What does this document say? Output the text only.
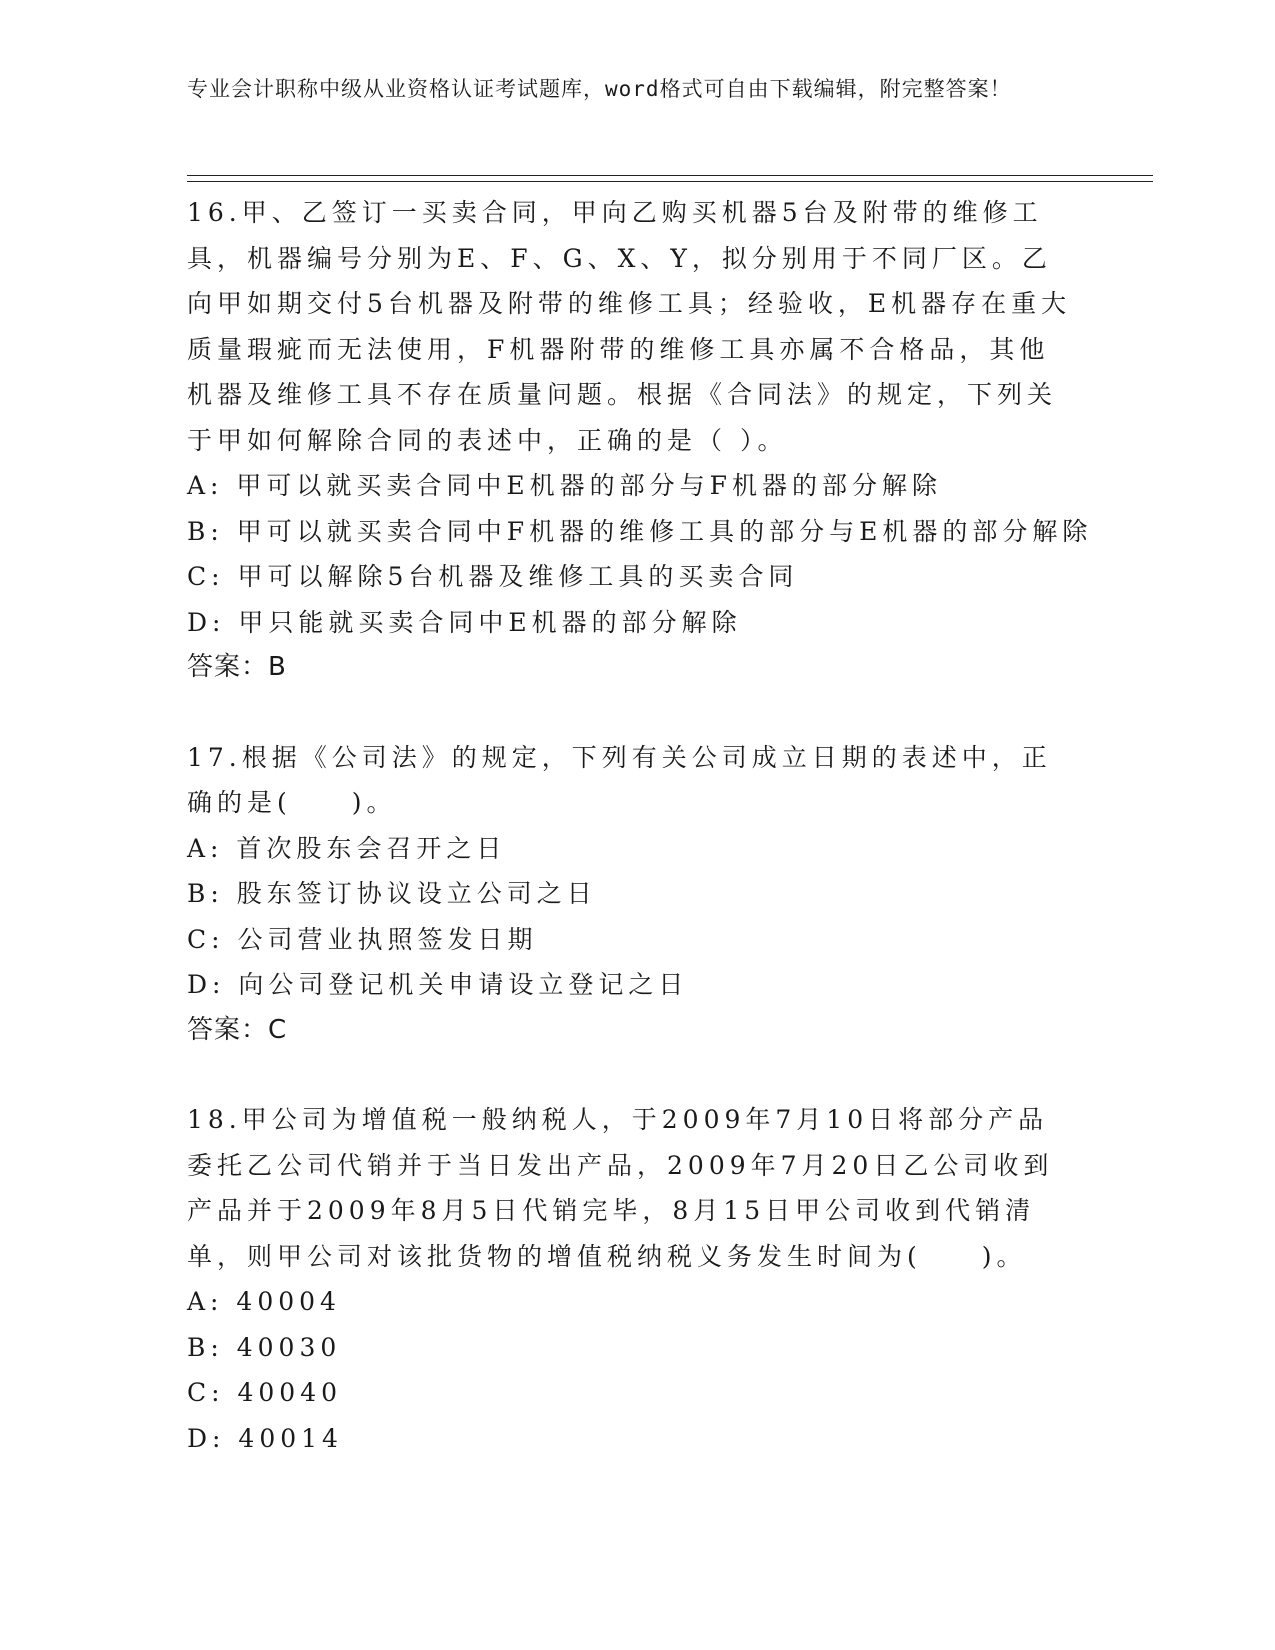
专业会计职称中级从业资格认证考试题库，word格式可自由下载编辑，附完整答案！
16.甲、乙签订一买卖合同，甲向乙购买机器5台及附带的维修工具，机器编号分别为E、F、G、X、Y，拟分别用于不同厂区。乙向甲如期交付5台机器及附带的维修工具；经验收，E机器存在重大质量瑕疵而无法使用，F机器附带的维修工具亦属不合格品，其他机器及维修工具不存在质量问题。根据《合同法》的规定，下列关于甲如何解除合同的表述中，正确的是（ ）。
A: 甲可以就买卖合同中E机器的部分与F机器的部分解除
B: 甲可以就买卖合同中F机器的维修工具的部分与E机器的部分解除
C: 甲可以解除5台机器及维修工具的买卖合同
D: 甲只能就买卖合同中E机器的部分解除
答案：B
17.根据《公司法》的规定，下列有关公司成立日期的表述中，正确的是(　　)。
A: 首次股东会召开之日
B: 股东签订协议设立公司之日
C: 公司营业执照签发日期
D: 向公司登记机关申请设立登记之日
答案：C
18.甲公司为增值税一般纳税人，于2009年7月10日将部分产品委托乙公司代销并于当日发出产品，2009年7月20日乙公司收到产品并于2009年8月5日代销完毕，8月15日甲公司收到代销清单，则甲公司对该批货物的增值税纳税义务发生时间为(　　)。
A: 40004
B: 40030
C: 40040
D: 40014
